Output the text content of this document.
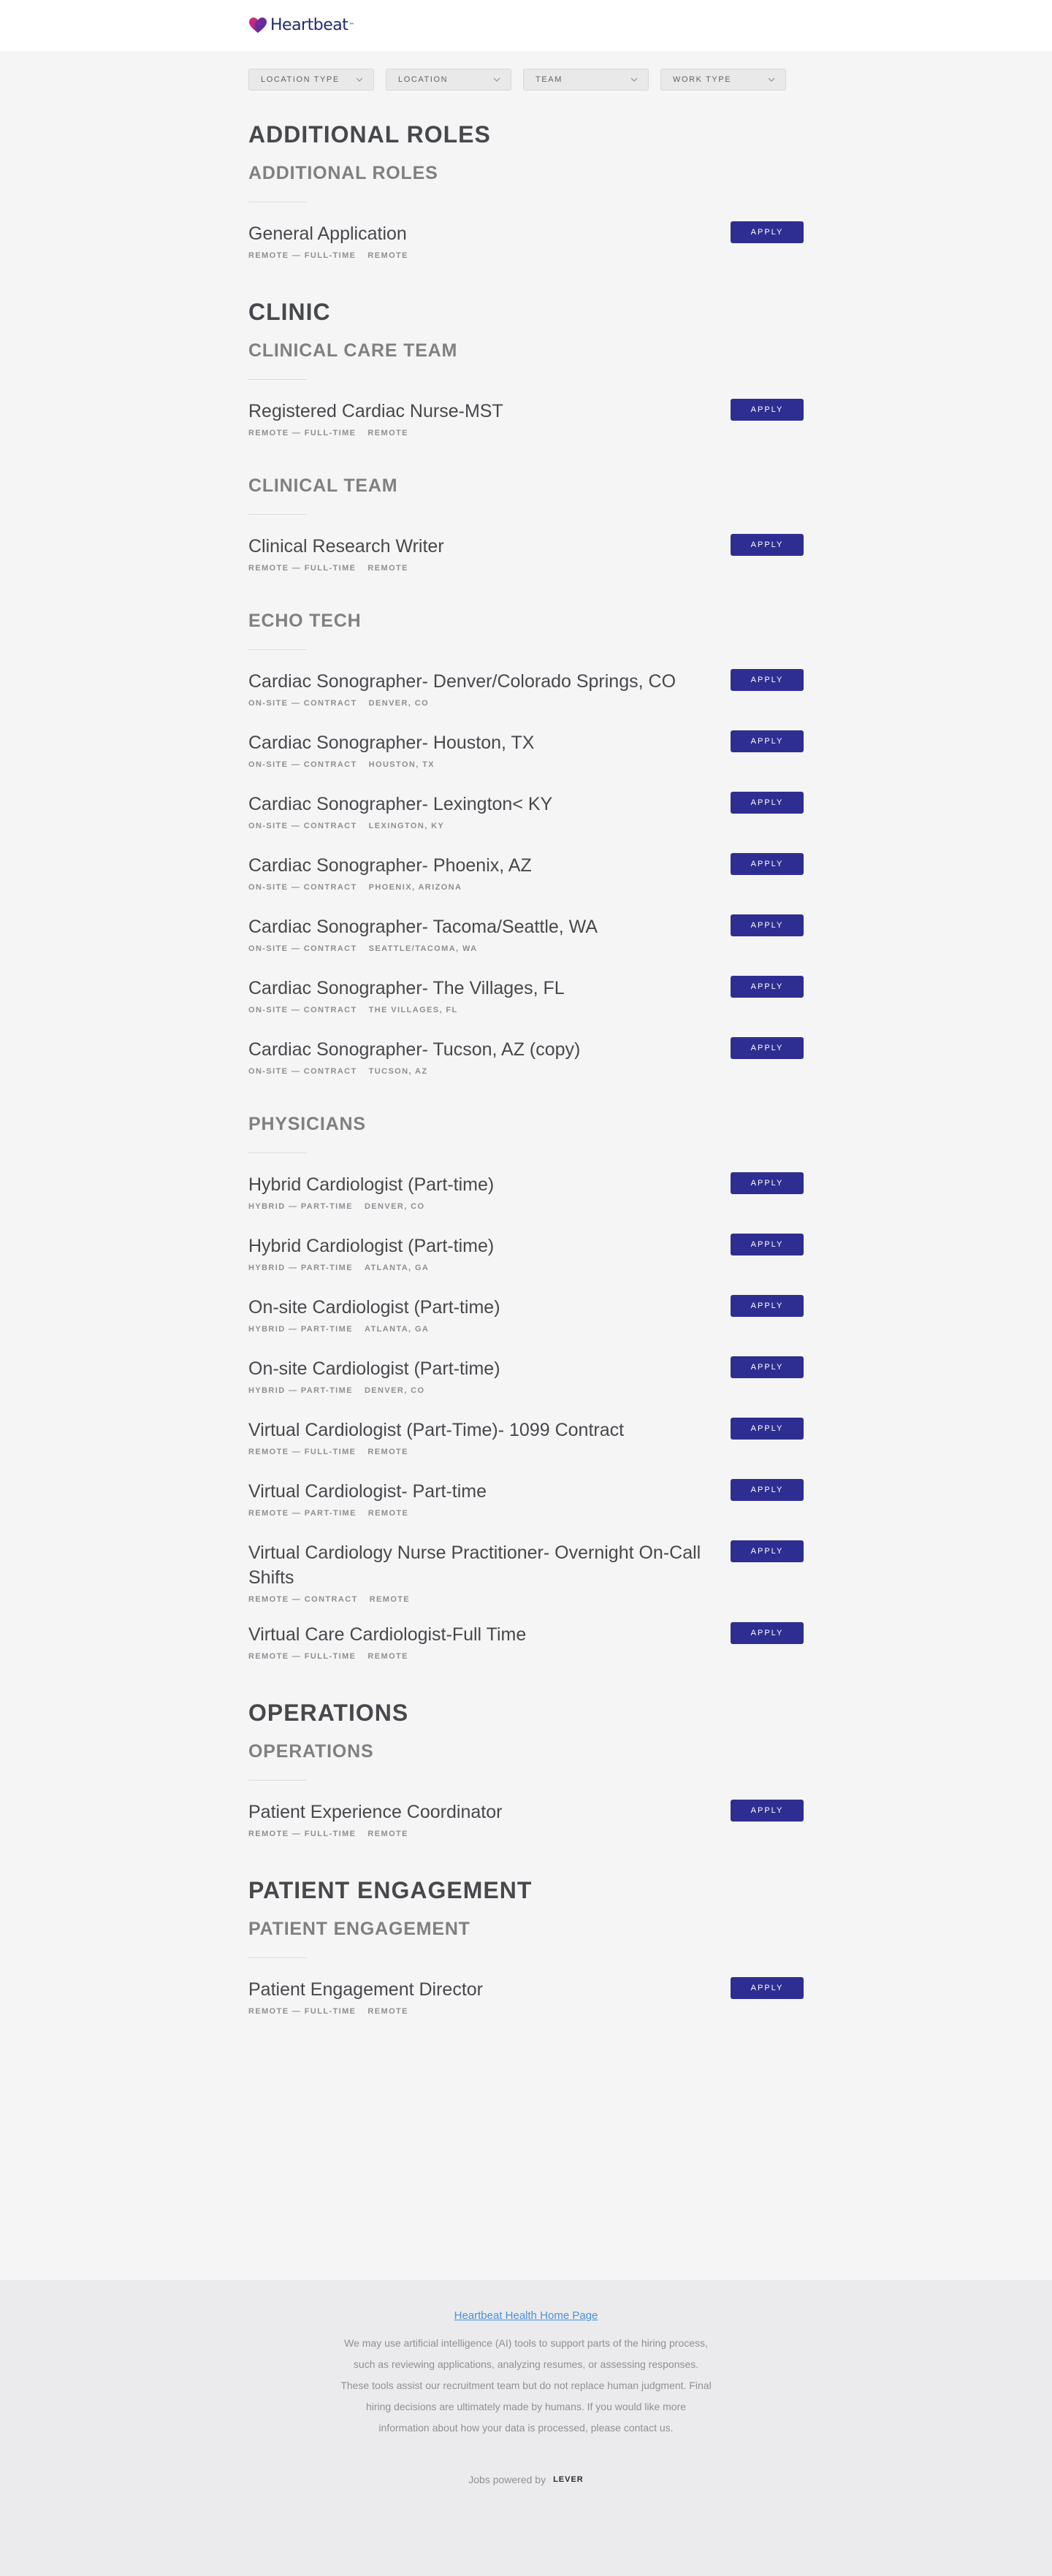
Heartbeat™
LOCATION TYPE	LOCATION	TEAM	WORK TYPE
ADDITIONAL ROLES
ADDITIONAL ROLES
General Application
REMOTE — FULL-TIME REMOTE
APPLY
CLINIC
CLINICAL CARE TEAM
Registered Cardiac Nurse-MST
REMOTE — FULL-TIME REMOTE
APPLY
CLINICAL TEAM
Clinical Research Writer
REMOTE — FULL-TIME REMOTE
APPLY
ECHO TECH
Cardiac Sonographer- Denver/Colorado Springs, CO
ON-SITE — CONTRACT DENVER, CO
APPLY
Cardiac Sonographer- Houston, TX
ON-SITE — CONTRACT HOUSTON, TX
APPLY
Cardiac Sonographer- Lexington< KY
ON-SITE — CONTRACT LEXINGTON, KY
APPLY
Cardiac Sonographer- Phoenix, AZ
ON-SITE — CONTRACT PHOENIX, ARIZONA
APPLY
Cardiac Sonographer- Tacoma/Seattle, WA
ON-SITE — CONTRACT SEATTLE/TACOMA, WA
APPLY
Cardiac Sonographer- The Villages, FL
ON-SITE — CONTRACT THE VILLAGES, FL
APPLY
Cardiac Sonographer- Tucson, AZ (copy)
ON-SITE — CONTRACT TUCSON, AZ
APPLY
PHYSICIANS
Hybrid Cardiologist (Part-time)
HYBRID — PART-TIME DENVER, CO
APPLY
Hybrid Cardiologist (Part-time)
HYBRID — PART-TIME ATLANTA, GA
APPLY
On-site Cardiologist (Part-time)
HYBRID — PART-TIME ATLANTA, GA
APPLY
On-site Cardiologist (Part-time)
HYBRID — PART-TIME DENVER, CO
APPLY
Virtual Cardiologist (Part-Time)- 1099 Contract
REMOTE — FULL-TIME REMOTE
APPLY
Virtual Cardiologist- Part-time
REMOTE — PART-TIME REMOTE
APPLY
Virtual Cardiology Nurse Practitioner- Overnight On-Call Shifts
REMOTE — CONTRACT REMOTE
APPLY
Virtual Care Cardiologist-Full Time
REMOTE — FULL-TIME REMOTE
APPLY
OPERATIONS
OPERATIONS
Patient Experience Coordinator
REMOTE — FULL-TIME REMOTE
APPLY
PATIENT ENGAGEMENT
PATIENT ENGAGEMENT
Patient Engagement Director
REMOTE — FULL-TIME REMOTE
APPLY
Heartbeat Health Home Page
We may use artificial intelligence (AI) tools to support parts of the hiring process, such as reviewing applications, analyzing resumes, or assessing responses. These tools assist our recruitment team but do not replace human judgment. Final hiring decisions are ultimately made by humans. If you would like more information about how your data is processed, please contact us.
Jobs powered by LEVER
